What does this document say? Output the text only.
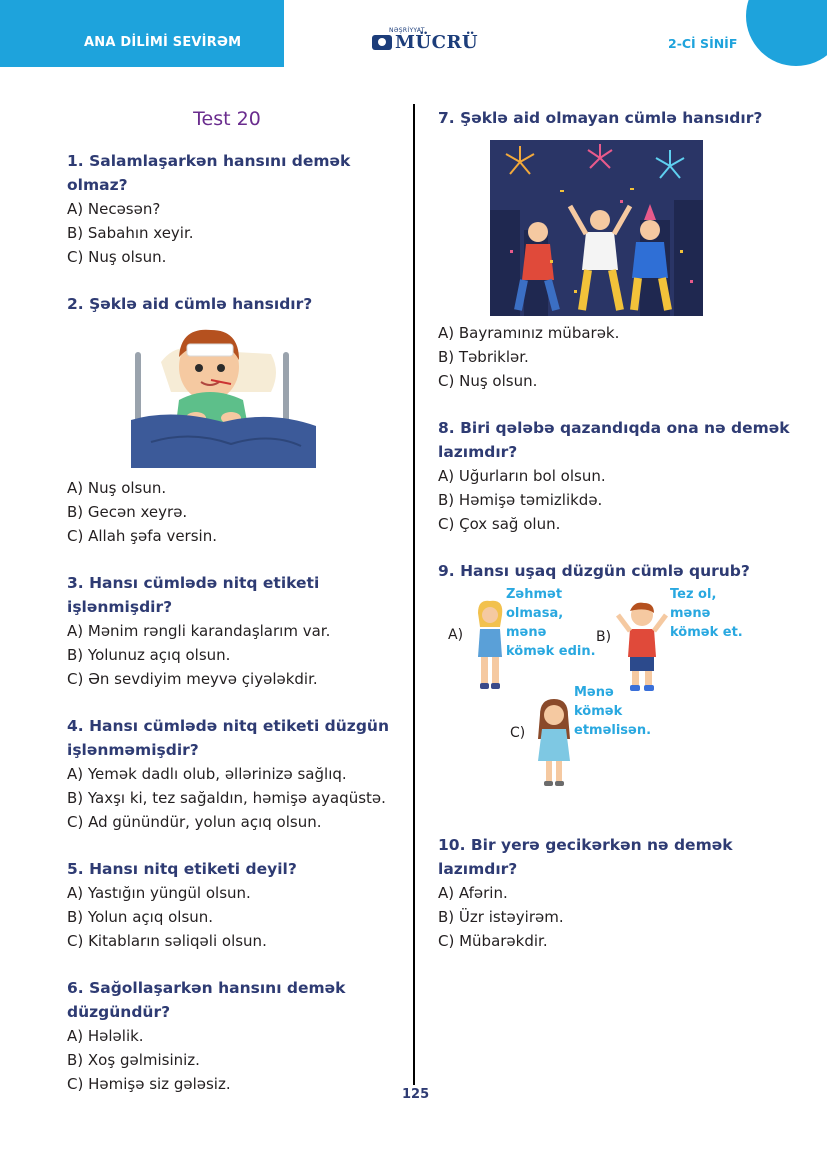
ANA DİLİMİ SEVİRƏM	2-Cİ SİNİF
NƏŞRİYYAT
MÜCRÜ
Test 20
1. Salamlaşarkən hansını demək olmaz?
A) Necəsən?
B) Sabahın xeyir.
C) Nuş olsun.
2. Şəklə aid cümlə hansıdır?
A) Nuş olsun.
B) Gecən xeyrə.
C) Allah şəfa versin.
3. Hansı cümlədə nitq etiketi işlənmişdir?
A) Mənim rəngli karandaşlarım var.
B) Yolunuz açıq olsun.
C) Ən sevdiyim meyvə çiyələkdir.
4. Hansı cümlədə nitq etiketi düzgün
işlənməmişdir?
A) Yemək dadlı olub, əllərinizə sağlıq.
B) Yaxşı ki, tez sağaldın, həmişə ayaqüstə.
C) Ad günündür, yolun açıq olsun.
5. Hansı nitq etiketi deyil?
A) Yastığın yüngül olsun.
B) Yolun açıq olsun.
C) Kitabların səliqəli olsun.
6. Sağollaşarkən hansını demək
düzgündür?
A) Hələlik.
B) Xoş gəlmisiniz.
C) Həmişə siz gələsiz.
7. Şəklə aid olmayan cümlə hansıdır?
A) Bayramınız mübarək.
B) Təbriklər.
C) Nuş olsun.
8. Biri qələbə qazandıqda ona nə demək
lazımdır?
A) Uğurların bol olsun.
B) Həmişə təmizlikdə.
C) Çox sağ olun.
9. Hansı uşaq düzgün cümlə qurub?
A)
Zəhmət
olmasa,
mənə
kömək edin.
B)
Tez ol,
mənə
kömək et.
C)
Mənə
kömək
etməlisən.
10. Bir yerə gecikərkən nə demək
lazımdır?
A) Afərin.
B) Üzr istəyirəm.
C) Mübarəkdir.
125
